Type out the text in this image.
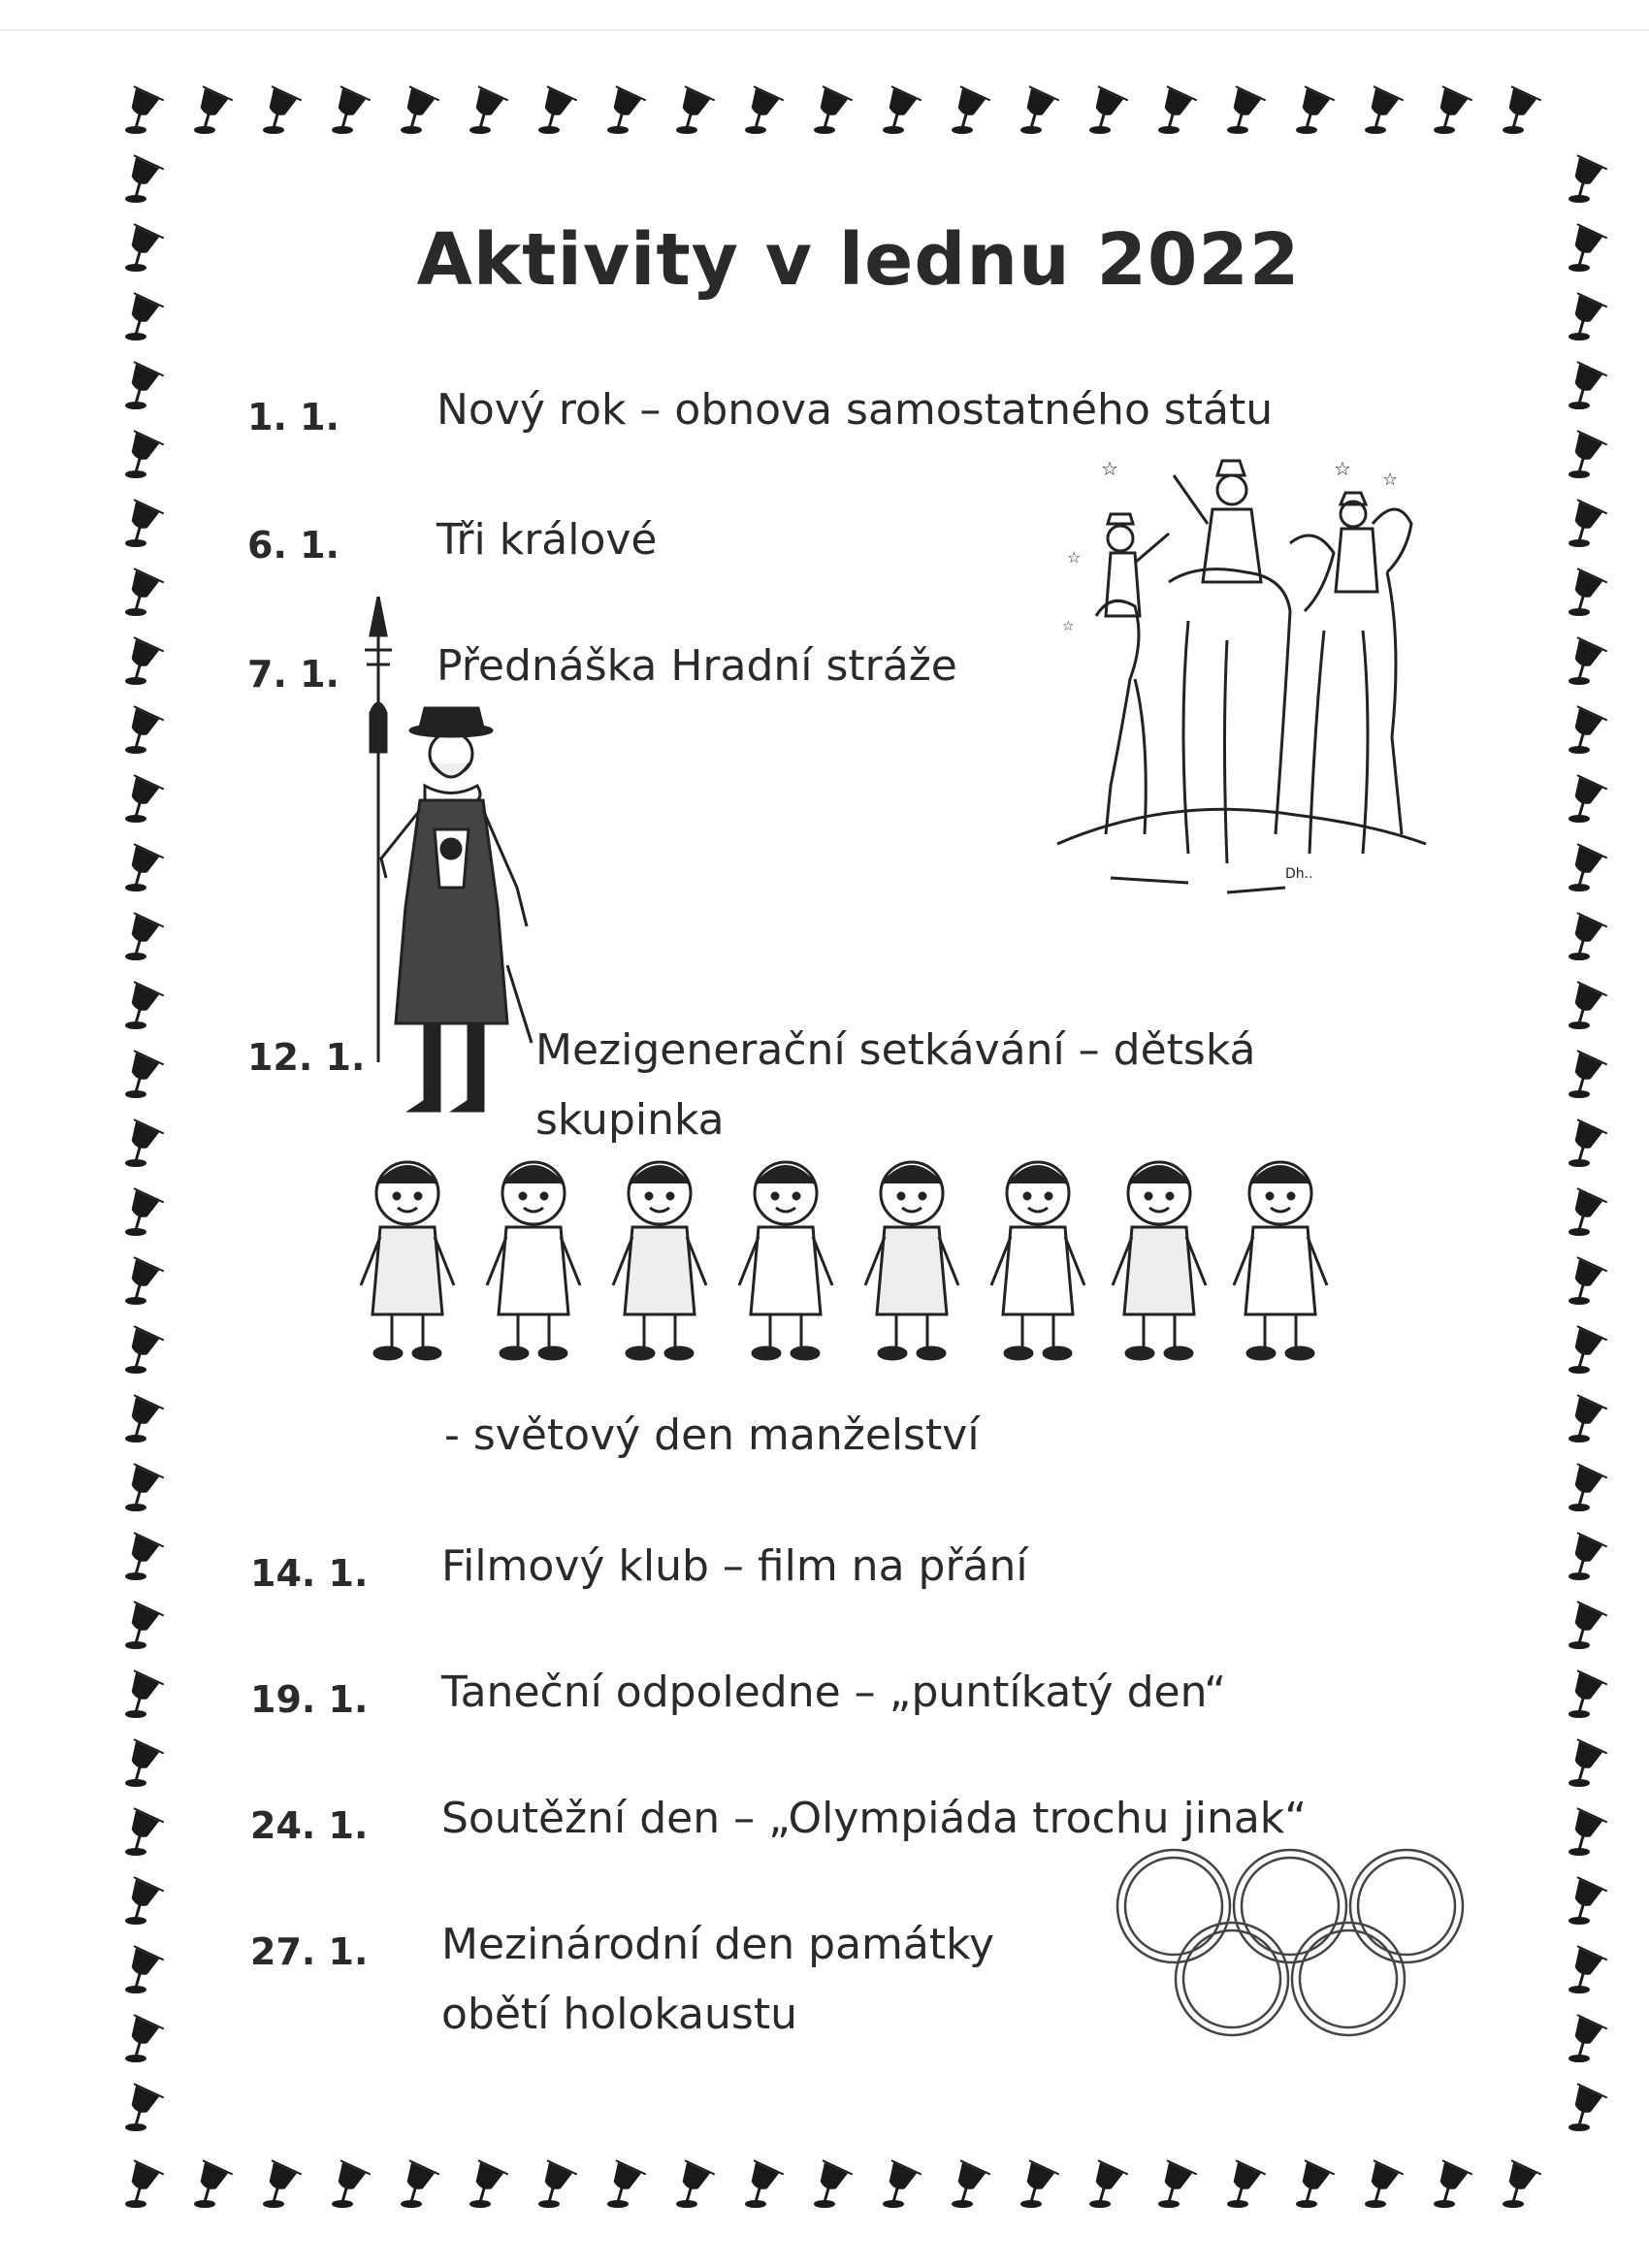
Aktivity v lednu 2022
1. 1. Nový rok – obnova samostatného státu
6. 1. Tři králové
7. 1. Přednáška Hradní stráže
12. 1.	Mezigenerační setkávání – dětská
skupinka
- světový den manželství
14. 1. Filmový klub – film na přání
19. 1. Taneční odpoledne – „puntíkatý den“
24. 1. Soutěžní den – „Olympiáda trochu jinak“
27. 1. Mezinárodní den památky
obětí holokaustu
☆	☆ ☆
☆
☆
Dh..
